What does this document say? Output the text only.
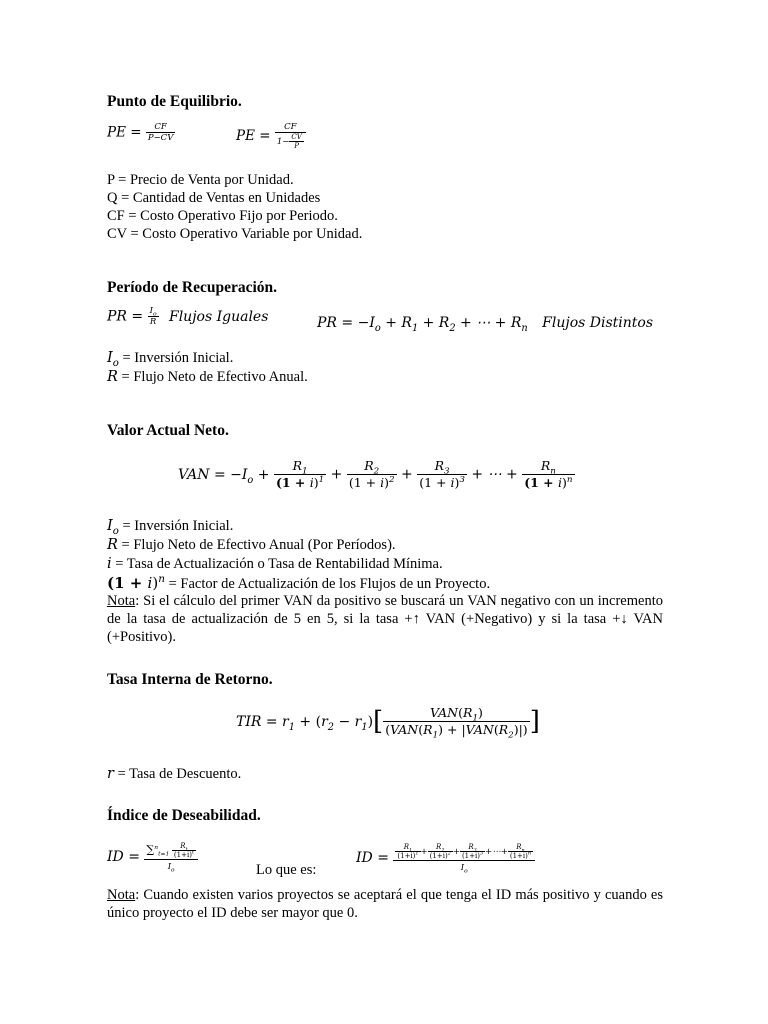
Punto de Equilibrio.
PE = $\frac{CF}{P-CV}$	PE = $\frac{CF}{1- \frac{CV}{P}}$
P = Precio de Venta por Unidad.
Q = Cantidad de Ventas en Unidades
CF = Costo Operativo Fijo por Periodo.
CV = Costo Operativo Variable por Unidad.
Período de Recuperación.
PR = $\frac{I_o}{R}$ Flujos Iguales	PR = $-I_o + R_1 + R_2$ + ⋯ + $R_n$ Flujos Distintos
$I_o$ = Inversión Inicial.
R = Flujo Neto de Efectivo Anual.
Valor Actual Neto.
VAN = $-I_o + \frac{R_1}{(1 + i)^1} + \frac{R_2}{(1 + i)^2} + \frac{R_3}{(1 + i)^3}$ + ⋯ + $\frac{R_n}{(1 + i)^n}$
$I_o$ = Inversión Inicial.
R = Flujo Neto de Efectivo Anual (Por Períodos).
i = Tasa de Actualización o Tasa de Rentabilidad Mínima.
$(1 + i)^n$ = Factor de Actualización de los Flujos de un Proyecto.
Nota: Si el cálculo del primer VAN da positivo se buscará un VAN negativo con un incremento de la tasa de actualización de 5 en 5, si la tasa +↑ VAN (+Negativo) y si la tasa +↓ VAN (+Positivo).
Tasa Interna de Retorno.
TIR = $r_1 + (r_2 - r_1)[ \frac{VAN(R_1)}{(VAN(R_1) + |VAN(R_2)|)}$ ]
r = Tasa de Descuento.
Índice de Deseabilidad.
ID = $\frac{\sum^n_{t=1} \frac{R_t}{(1+i)^t}}{I_o}$	Lo que es:
ID = $\frac{\frac{R_1}{(1+i)^1} + \frac{R_2}{(1+i)^2} + \frac{R_3}{(1+i)^3} +\cdots+ \frac{R_n}{(1+i)^n}}{I_o}$
Nota: Cuando existen varios proyectos se aceptará el que tenga el ID más positivo y cuando es único proyecto el ID debe ser mayor que 0.
